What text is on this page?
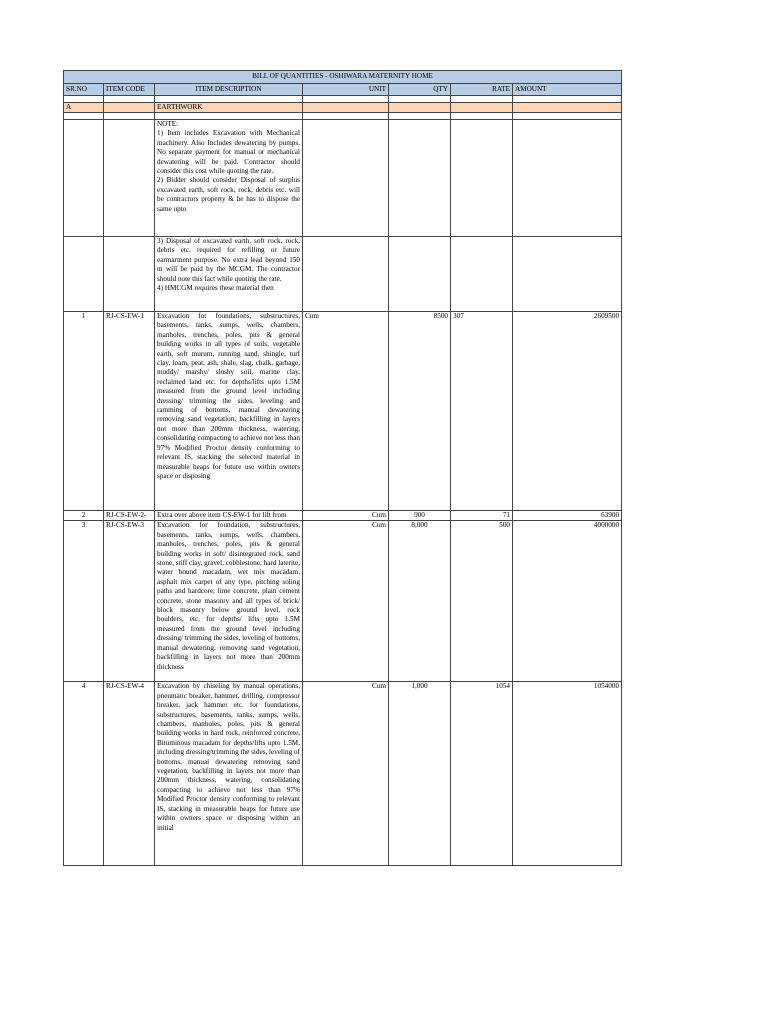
BILL OF QUANTITIES - OSHIWARA MATERNITY HOME						
SR.NO	ITEM CODE	ITEM DESCRIPTION	UNIT	QTY	RATE	AMOUNT

A		EARTHWORK				

		NOTE:
1) Item includes Excavation with Mechanical machinery. Also Includes dewatering by pumps. No separate payment for manual or mechanical dewatering will be paid. Contractor should consider this cost while quoting the rate.
2) Bidder should consider Disposal of surplus excavated earth, soft rock, rock, debris etc. will be contractors property & he has to dispose the same upto				

		3) Disposal of excavated earth, soft rock, rock, debris etc. required for refilling or future earmarment purpose. No extra lead beyond 150 m will be paid by the MCGM. The contractor should note this fact while quoting the rate.
4) HMCGM requires these material then				

1	RJ-CS-EW-1	Excavation for foundations, substructures, basements, tanks, sumps, wells, chambers, manholes, trenches, poles, pits & general building works in all types of soils, vegetable earth, soft murum, running sand, shingle, turf clay, loam, peat, ash, shale, slag, chalk, garbage, muddy/ marshy/ slushy soil, marine clay, reclaimed land etc. for depths/lifts upto 1.5M measured from the ground level including dressing/ trimming the sides, leveling and ramming of bottoms, manual dewatering removing sand vegetation, backfilling in layers not more than 200mm thickness, watering, consolidating compacting to achieve not less than 97% Modified Proctor density conforming to relevant IS, stacking the selected material in measurable heaps for future use within owners space or disposing	Cum	8500	307	2609500
2	RJ-CS-EW-2-	Extra over above item CS-EW-1 for lift from	Cum	900	71	63900
3	RJ-CS-EW-3	Excavation for foundation, substructures, basements, tanks, sumps, wells, chambers, manholes, trenches, poles, pits & general building works in soft/ disintegrated rock, sand stone, stiff clay, gravel, cobblestone, hard laterite, water bound macadam, wet mix macadam, asphalt mix carpet of any type, pitching soling paths and hardcore, lime concrete, plain cement concrete, stone masonry and all types of brick/ block masonry below ground level, rock boulders, etc. for depths/ lifts upto 1.5M measured from the ground level including dressing/ trimming the sides, leveling of bottoms, manual dewatering, removing sand vegetation, backfilling in layers not more than 200mm thickness	Cum	8,000	500	4000000
4	RJ-CS-EW-4	Excavation by chiseling by manual operations, pneumatic breaker, hammer, drilling, compressor breaker, jack hammer etc. for foundations, substructures, basements, tanks, sumps, wells, chambers, manholes, poles, pits & general building works in hard rock, reinforced concrete, Bituminous macadam for depths/lifts upto 1.5M, including dressing/trimming the sides, leveling of bottoms, manual dewatering removing sand vegetation, backfilling in layers not more than 200mm thickness, watering, consolidating compacting to achieve not less than 97% Modified Proctor density conforming to relevant IS, stacking in measurable heaps for future use within owners space or disposing within an initial	Cum	1,000	1054	1054000
